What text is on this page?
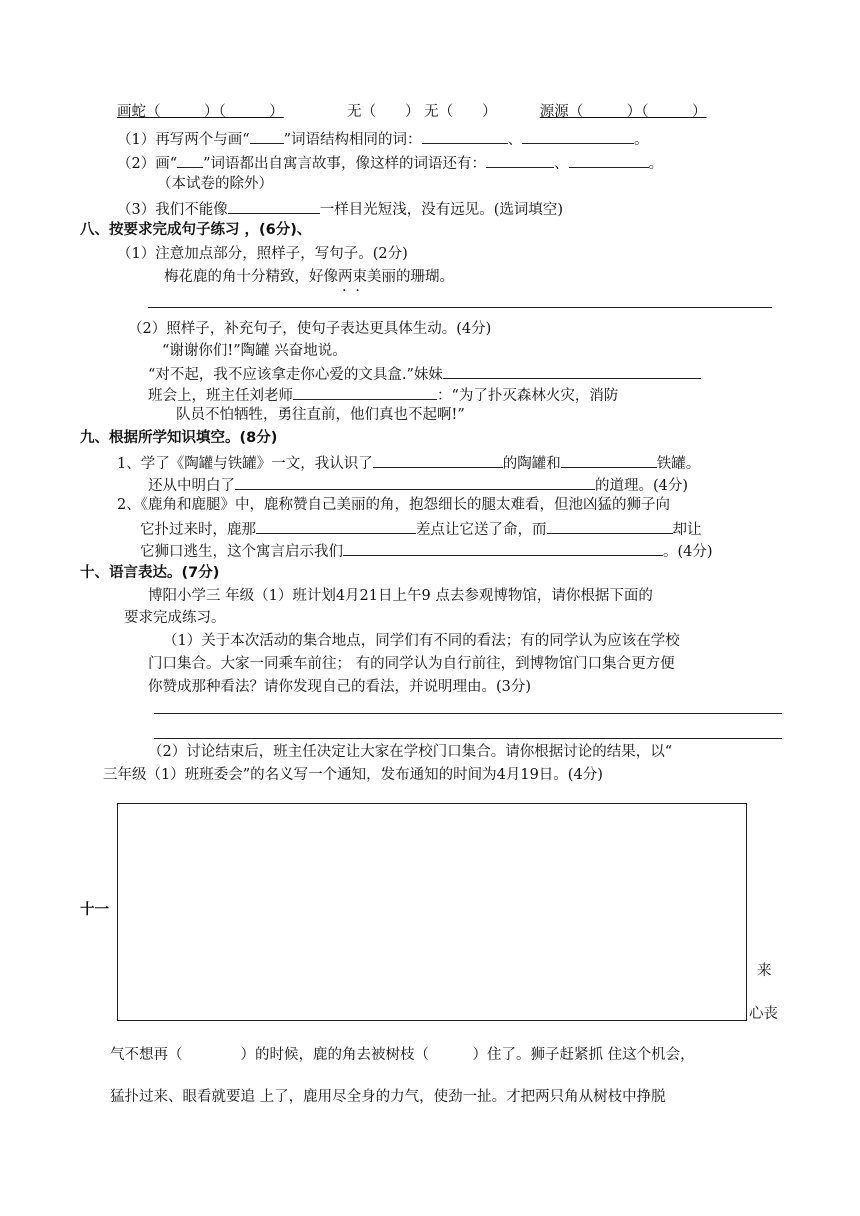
画蛇（　　　）（　　　）	无（　　） 无（　　）	源源（　　　）（　　　）
（1）再写两个与画“ ”词语结构相同的词：	、	。
（2）画“ ”词语都出自寓言故事，像这样的词语还有：	、	。
（本试卷的除外）
（3）我们不能像	一样目光短浅，没有远见。(选词填空)
八、按要求完成句子练习 ，(6分)、
（1）注意加点部分，照样子，写句子。(2分)
梅花鹿的角十分精致，好像两束美丽的珊瑚。
·  ·
（2）照样子，补充句子，使句子表达更具体生动。(4分)
“谢谢你们!”陶罐 兴奋地说。
“对不起，我不应该拿走你心爱的文具盒.”妹妹
班会上，班主任刘老师	：“为了扑灭森林火灾，消防
队员不怕牺牲，勇往直前，他们真也不起啊!”
九、根据所学知识填空。(8分)
1、学了《陶罐与铁罐》一文，我认识了	的陶罐和	铁罐。
还从中明白了	的道理。(4分)
2、《鹿角和鹿腿》中，鹿称赞自己美丽的角，抱怨细长的腿太难看，但池凶猛的狮子向
它扑过来时，鹿那	差点让它送了命，而	却让
它狮口逃生，这个寓言启示我们	。(4分)
十、语言表达。(7分)
博阳小学三 年级（1）班计划4月21日上午9 点去参观博物馆，请你根据下面的
要求完成练习。
（1）关于本次活动的集合地点，同学们有不同的看法；有的同学认为应该在学校
门口集合。大家一同乘车前往； 有的同学认为自行前往，到博物馆门口集合更方便
你赞成那种看法？请你发现自己的看法，并说明理由。(3分)
（2）讨论结束后，班主任决定让大家在学校门口集合。请你根据讨论的结果，以“
三年级（1）班班委会”的名义写一个通知，发布通知的时间为4月19日。(4分)
十一
来
心丧
气不想再（　　　　）的时候，鹿的角去被树枝（　　　）住了。狮子赶紧抓 住这个机会，
猛扑过来、眼看就要追 上了，鹿用尽全身的力气，使劲一扯。才把两只角从树枝中挣脱
